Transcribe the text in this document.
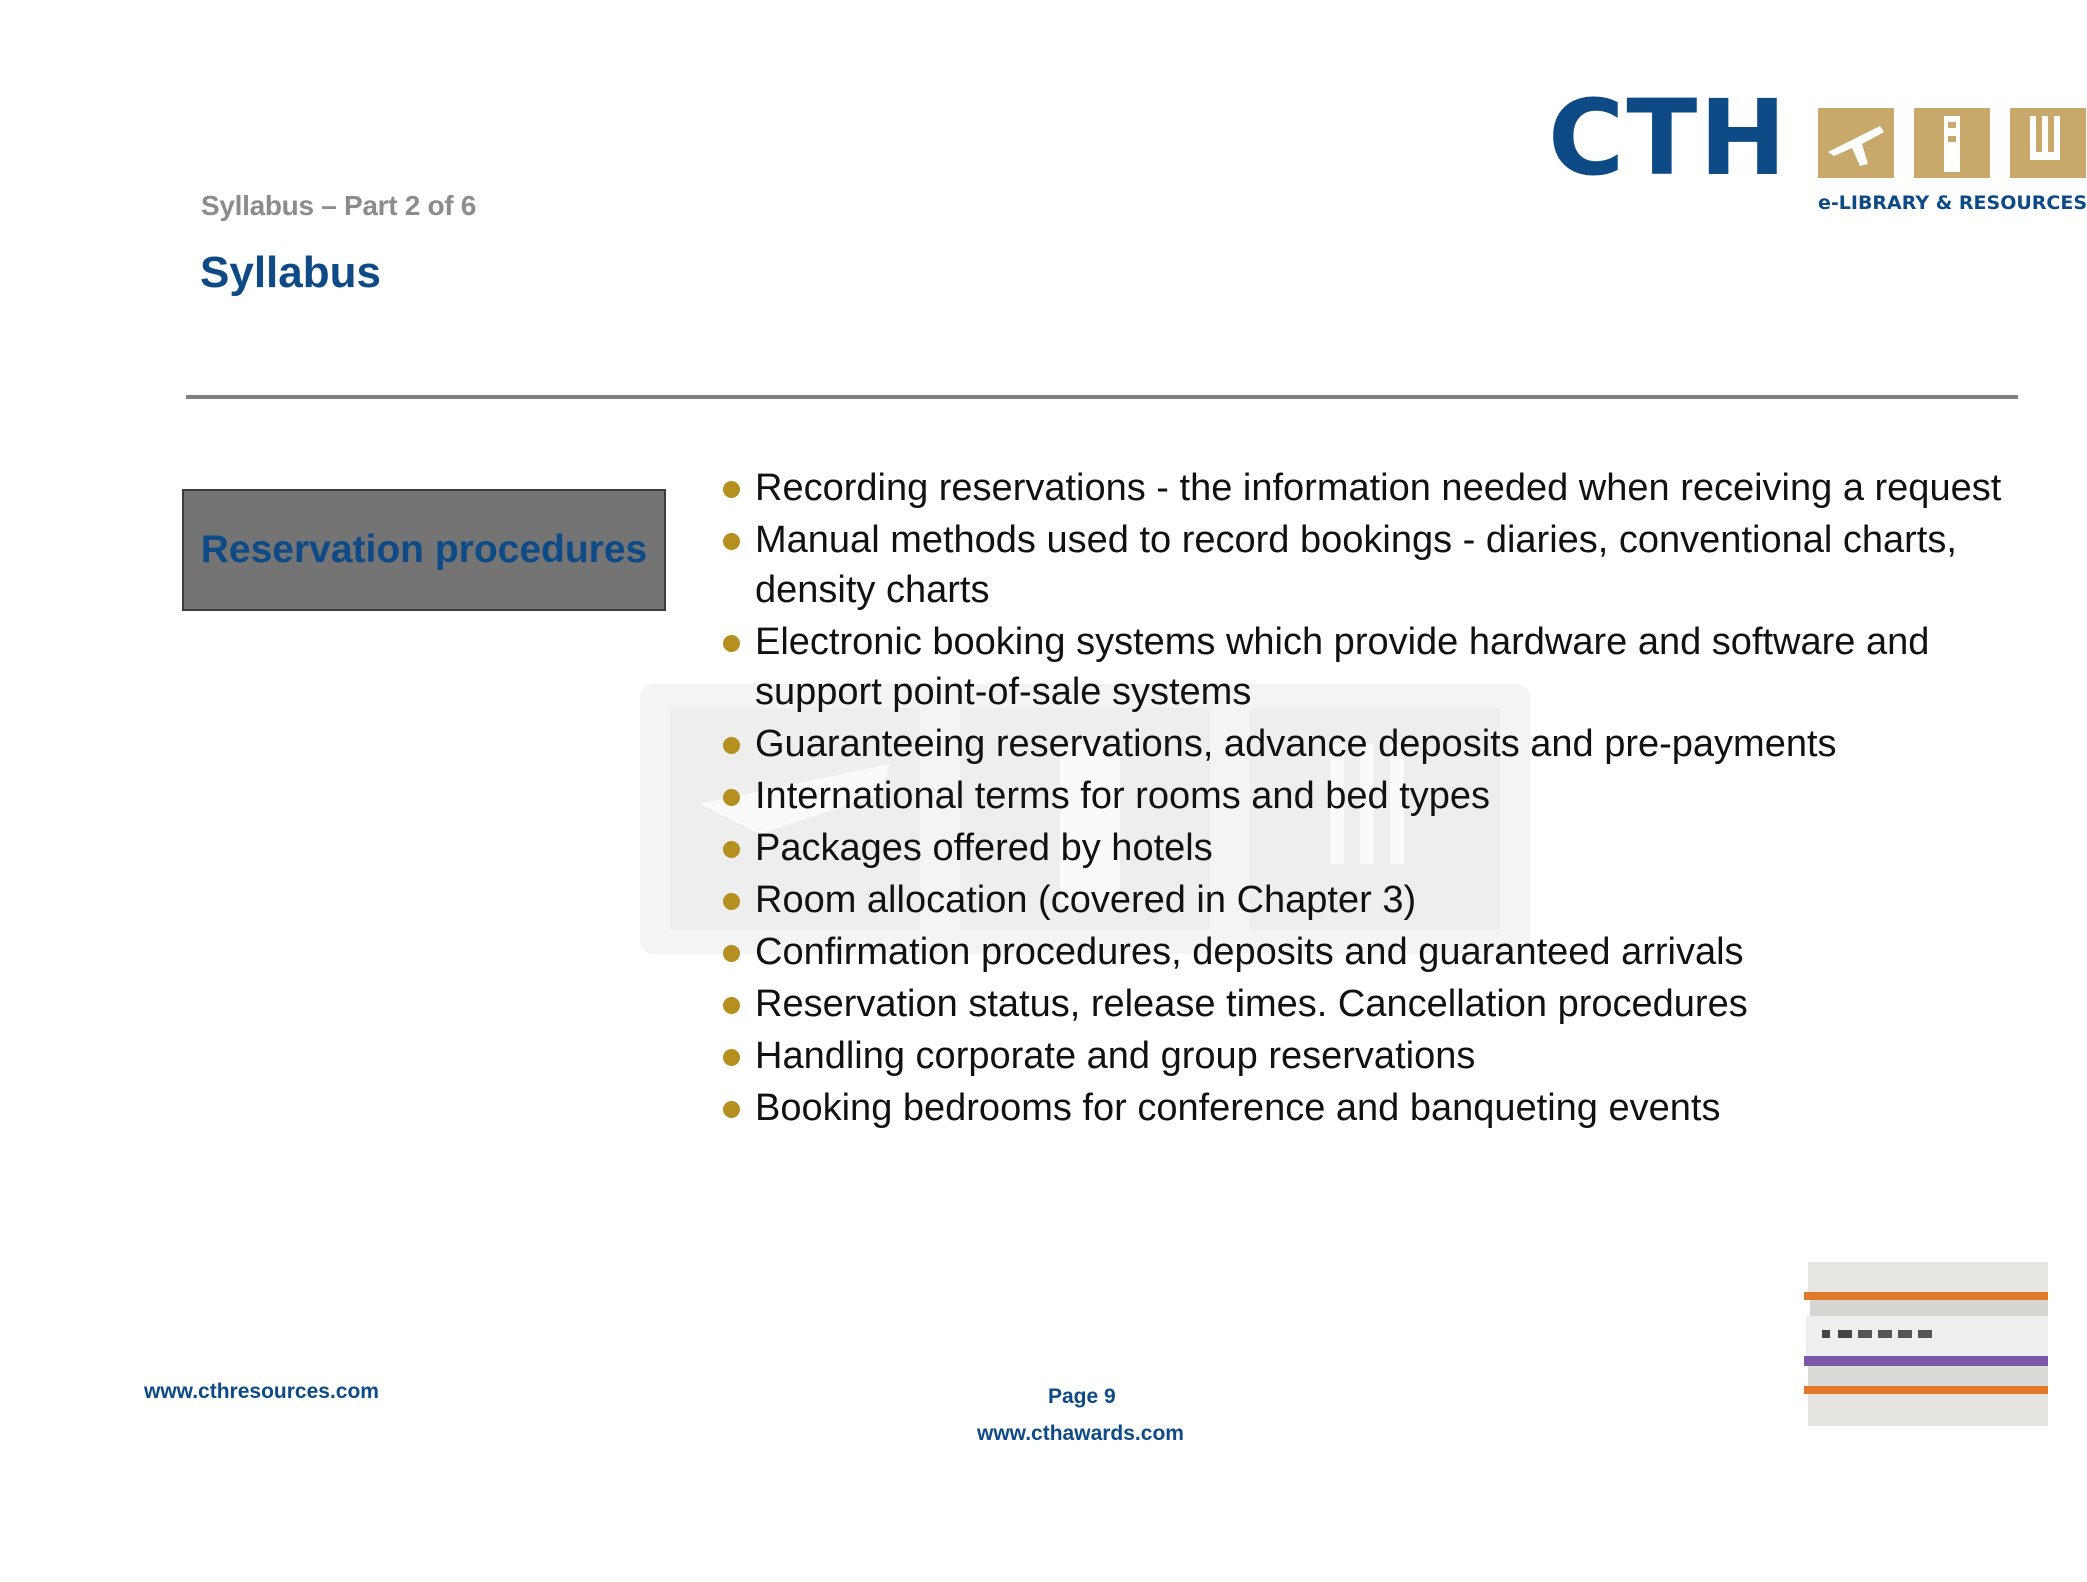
CTH
e-LIBRARY & RESOURCES
Syllabus – Part 2 of 6
Syllabus
Reservation procedures
Recording reservations - the information needed when receiving a request
Manual methods used to record bookings - diaries, conventional charts, density charts
Electronic booking systems which provide hardware and software and support point-of-sale systems
Guaranteeing reservations, advance deposits and pre-payments
International terms for rooms and bed types
Packages offered by hotels
Room allocation (covered in Chapter 3)
Confirmation procedures, deposits and guaranteed arrivals
Reservation status, release times. Cancellation procedures
Handling corporate and group reservations
Booking bedrooms for conference and banqueting events
www.cthresources.com	Page 9
www.cthawards.com
